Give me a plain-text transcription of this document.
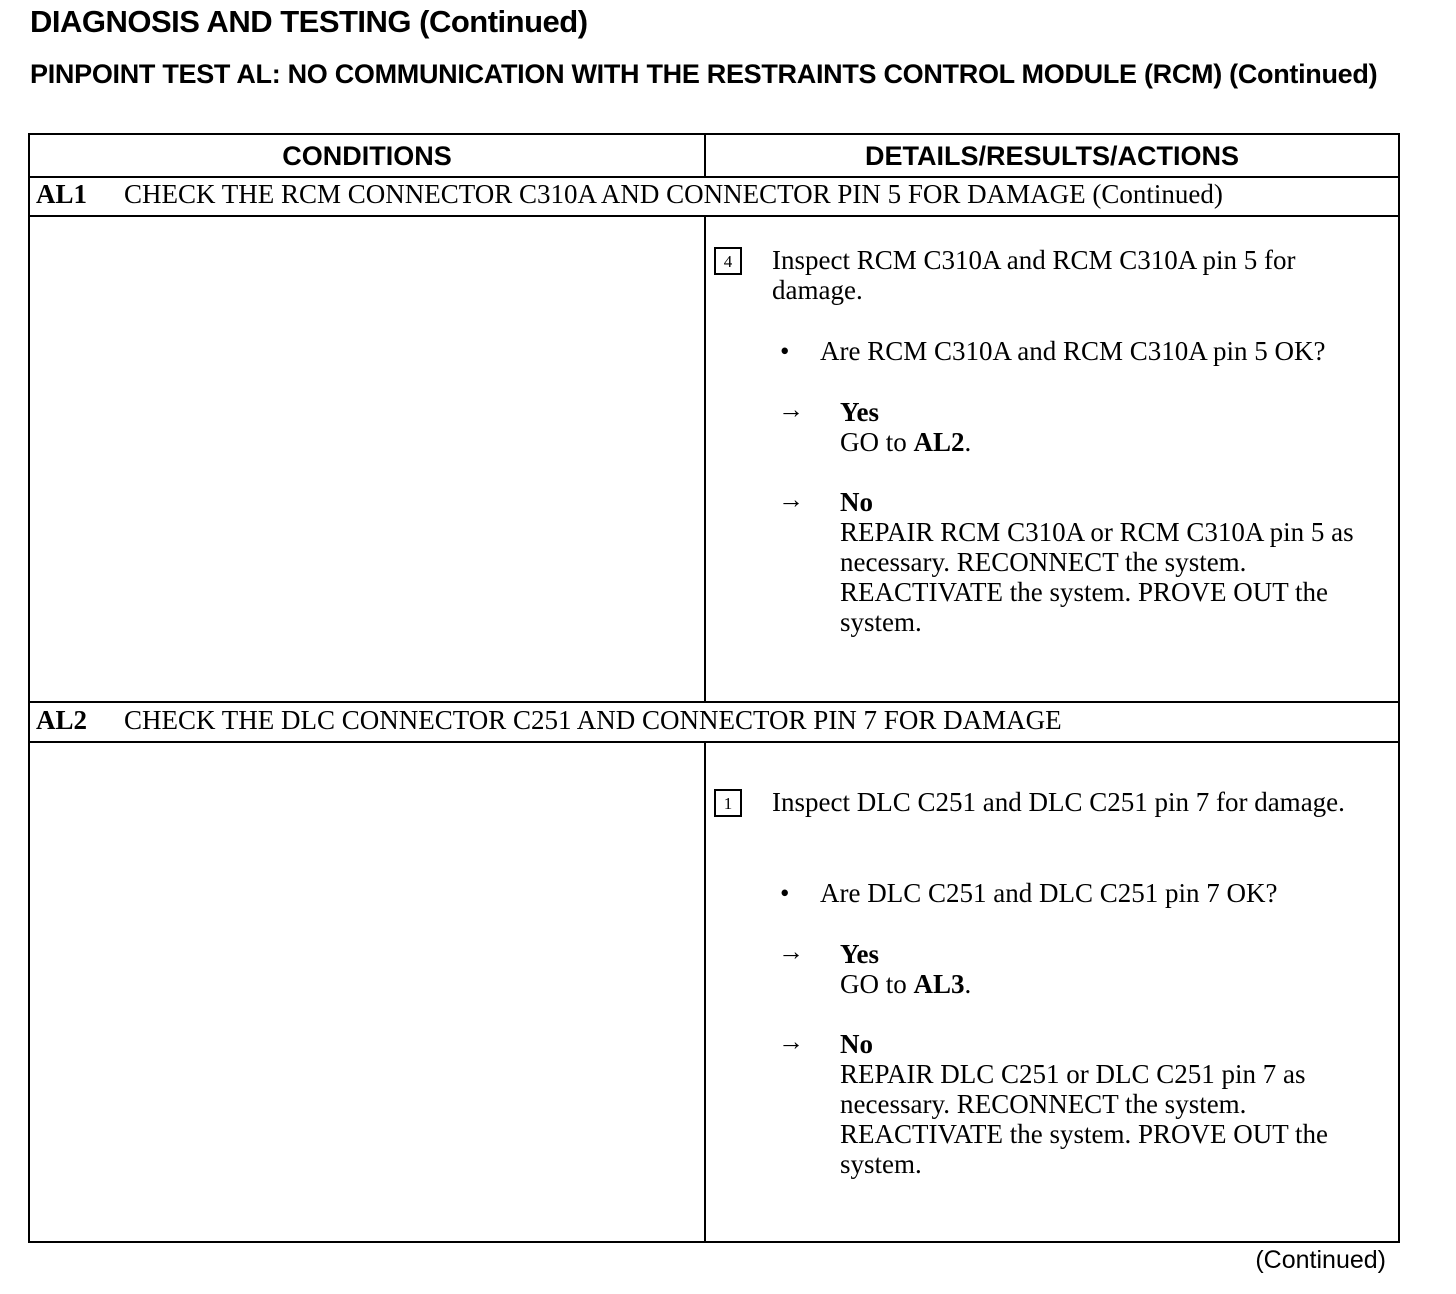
DIAGNOSIS AND TESTING (Continued)
PINPOINT TEST AL: NO COMMUNICATION WITH THE RESTRAINTS CONTROL MODULE (RCM) (Continued)
CONDITIONS	DETAILS/RESULTS/ACTIONS
AL1 CHECK THE RCM CONNECTOR C310A AND CONNECTOR PIN 5 FOR DAMAGE (Continued)
4	Inspect RCM C310A and RCM C310A pin 5 for damage.
• Are RCM C310A and RCM C310A pin 5 OK?
→ Yes
GO to AL2.
→ No
REPAIR RCM C310A or RCM C310A pin 5 as necessary. RECONNECT the system. REACTIVATE the system. PROVE OUT the system.
AL2 CHECK THE DLC CONNECTOR C251 AND CONNECTOR PIN 7 FOR DAMAGE
1	Inspect DLC C251 and DLC C251 pin 7 for damage.
• Are DLC C251 and DLC C251 pin 7 OK?
→ Yes
GO to AL3.
→ No
REPAIR DLC C251 or DLC C251 pin 7 as necessary. RECONNECT the system. REACTIVATE the system. PROVE OUT the system.
(Continued)
